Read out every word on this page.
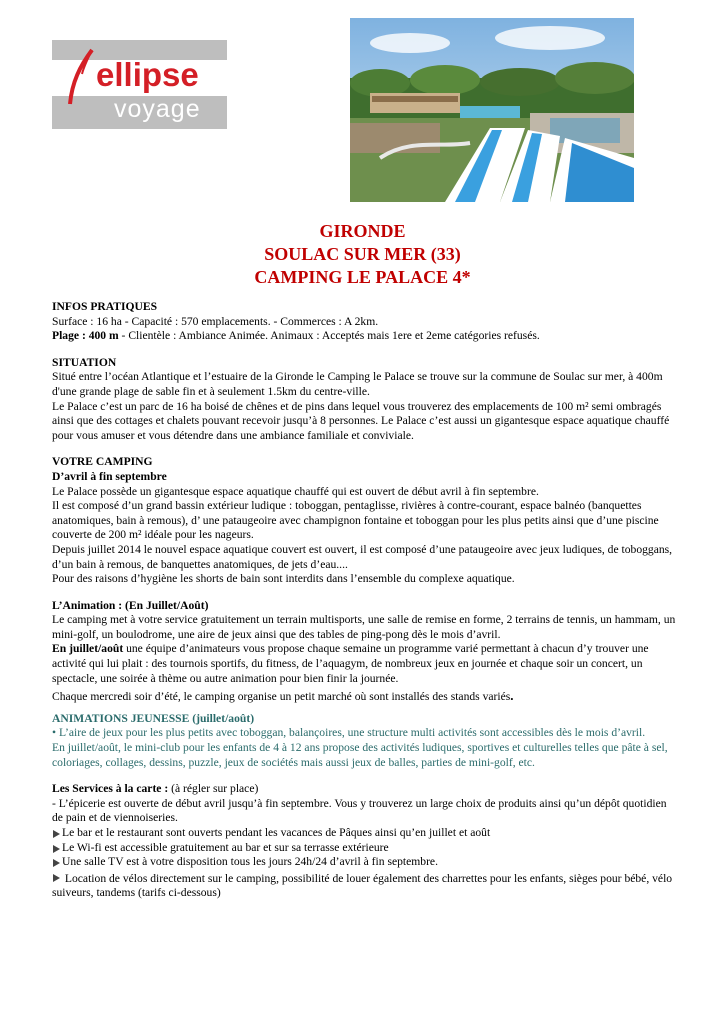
ellipse
voyage
GIRONDE
SOULAC SUR MER (33)
CAMPING LE PALACE 4*
INFOS PRATIQUES

Surface : 16 ha - Capacité : 570 emplacements. - Commerces : A 2km.

Plage : 400 m - Clientèle : Ambiance Animée. Animaux : Acceptés mais 1ere et 2eme catégories refusés.

SITUATION

Situé entre l’océan Atlantique et l’estuaire de la Gironde le Camping le Palace se trouve sur la commune de Soulac sur mer, à 400m d'une grande plage de sable fin et à seulement 1.5km du centre-ville.

Le Palace c’est un parc de 16 ha boisé de chênes et de pins dans lequel vous trouverez des emplacements de 100 m² semi ombragés ainsi que des cottages et chalets pouvant recevoir jusqu’à 8 personnes. Le Palace c’est aussi un gigantesque espace aquatique chauffé pour vous amuser et vous détendre dans une ambiance familiale et conviviale.

VOTRE CAMPING
D’avril à fin septembre

Le Palace possède un gigantesque espace aquatique chauffé qui est ouvert de début avril à fin septembre.

Il est composé d’un grand bassin extérieur ludique : toboggan, pentaglisse, rivières à contre-courant, espace balnéo (banquettes anatomiques, bain à remous), d’ une pataugeoire avec champignon fontaine et toboggan pour les plus petits ainsi que d’une piscine couverte de 200 m² idéale pour les nageurs.

Depuis juillet 2014 le nouvel espace aquatique couvert est ouvert, il est composé d’une pataugeoire avec jeux ludiques, de toboggans, d’un bain à remous, de banquettes anatomiques, de jets d’eau....

Pour des raisons d’hygiène les shorts de bain sont interdits dans l’ensemble du complexe aquatique.

L’Animation : (En Juillet/Août)

Le camping met à votre service gratuitement un terrain multisports, une salle de remise en forme, 2 terrains de tennis, un hammam, un mini-golf, un boulodrome, une aire de jeux ainsi que des tables de ping-pong dès le mois d’avril.

En juillet/août une équipe d’animateurs vous propose chaque semaine un programme varié permettant à chacun d’y trouver une activité qui lui plait : des tournois sportifs, du fitness, de l’aquagym, de nombreux jeux en journée et chaque soir un concert, un spectacle, une soirée à thème ou autre animation pour bien finir la journée.

Chaque mercredi soir d’été, le camping organise un petit marché où sont installés des stands variés.

ANIMATIONS JEUNESSE (juillet/août)

• L’aire de jeux pour les plus petits avec toboggan, balançoires, une structure multi activités sont accessibles dès le mois d’avril.

En juillet/août, le mini-club pour les enfants de 4 à 12 ans propose des activités ludiques, sportives et culturelles telles que pâte à sel, coloriages, collages, dessins, puzzle, jeux de sociétés mais aussi jeux de balles, parties de mini-golf, etc.

Les Services à la carte : (à régler sur place)

- L’épicerie est ouverte de début avril jusqu’à fin septembre. Vous y trouverez un large choix de produits ainsi qu’un dépôt quotidien de pain et de viennoiseries.

Le bar et le restaurant sont ouverts pendant les vacances de Pâques ainsi qu’en juillet et août
Le Wi-fi est accessible gratuitement au bar et sur sa terrasse extérieure
Une salle TV est à votre disposition tous les jours 24h/24 d’avril à fin septembre.
Location de vélos directement sur le camping, possibilité de louer également des charrettes pour les enfants, sièges pour bébé, vélo suiveurs, tandems (tarifs ci-dessous)
